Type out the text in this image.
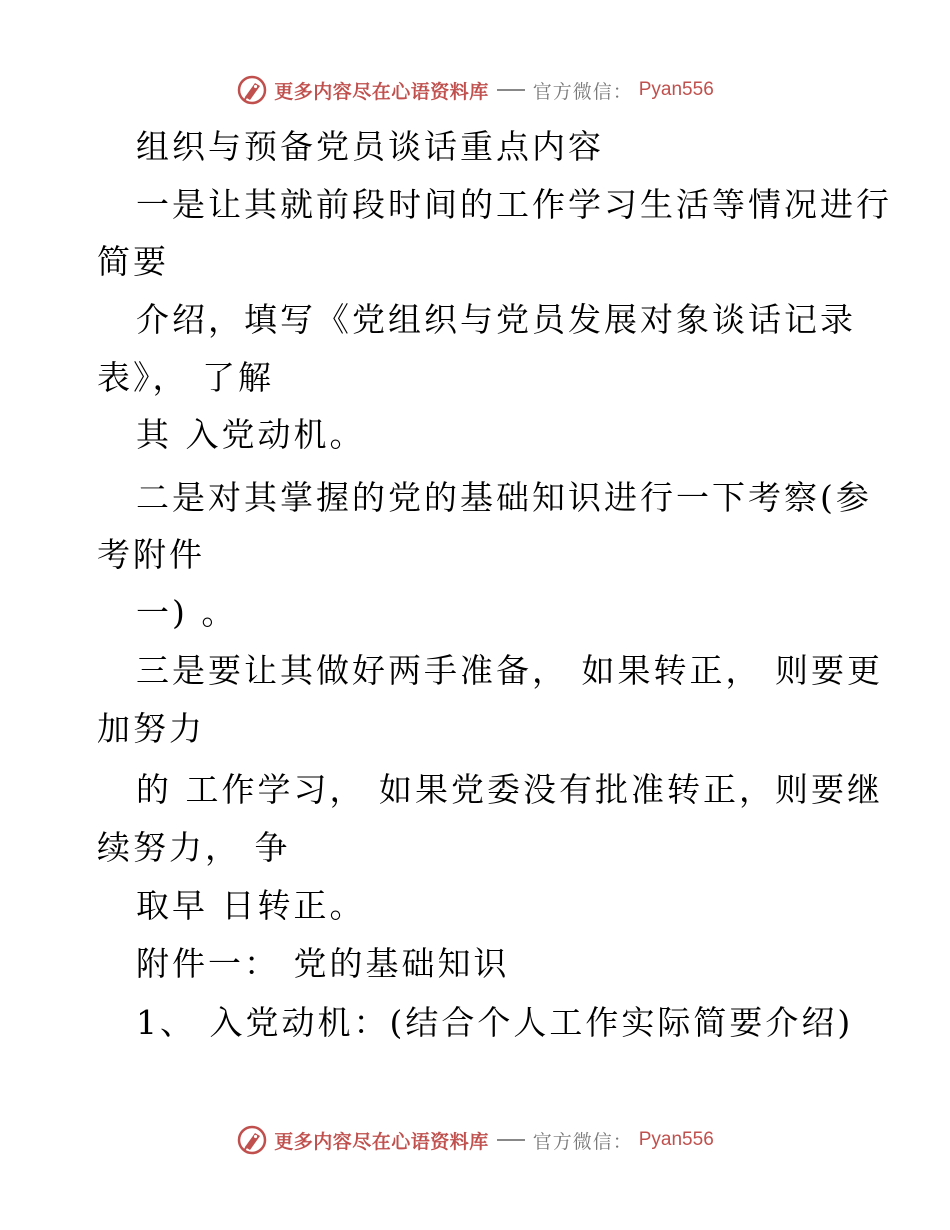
更多内容尽在心语资料库 官方微信： Pyan556
组织与预备党员谈话重点内容
一是让其就前段时间的工作学习生活等情况进行
简要
介绍，填写《党组织与党员发展对象谈话记录
表》， 了解
其 入党动机。
二是对其掌握的党的基础知识进行一下考察(参
考附件
一) 。
三是要让其做好两手准备， 如果转正， 则要更
加努力
的 工作学习， 如果党委没有批准转正，则要继
续努力， 争
取早 日转正。
附件一： 党的基础知识
1、 入党动机：(结合个人工作实际简要介绍)
更多内容尽在心语资料库 官方微信： Pyan556
